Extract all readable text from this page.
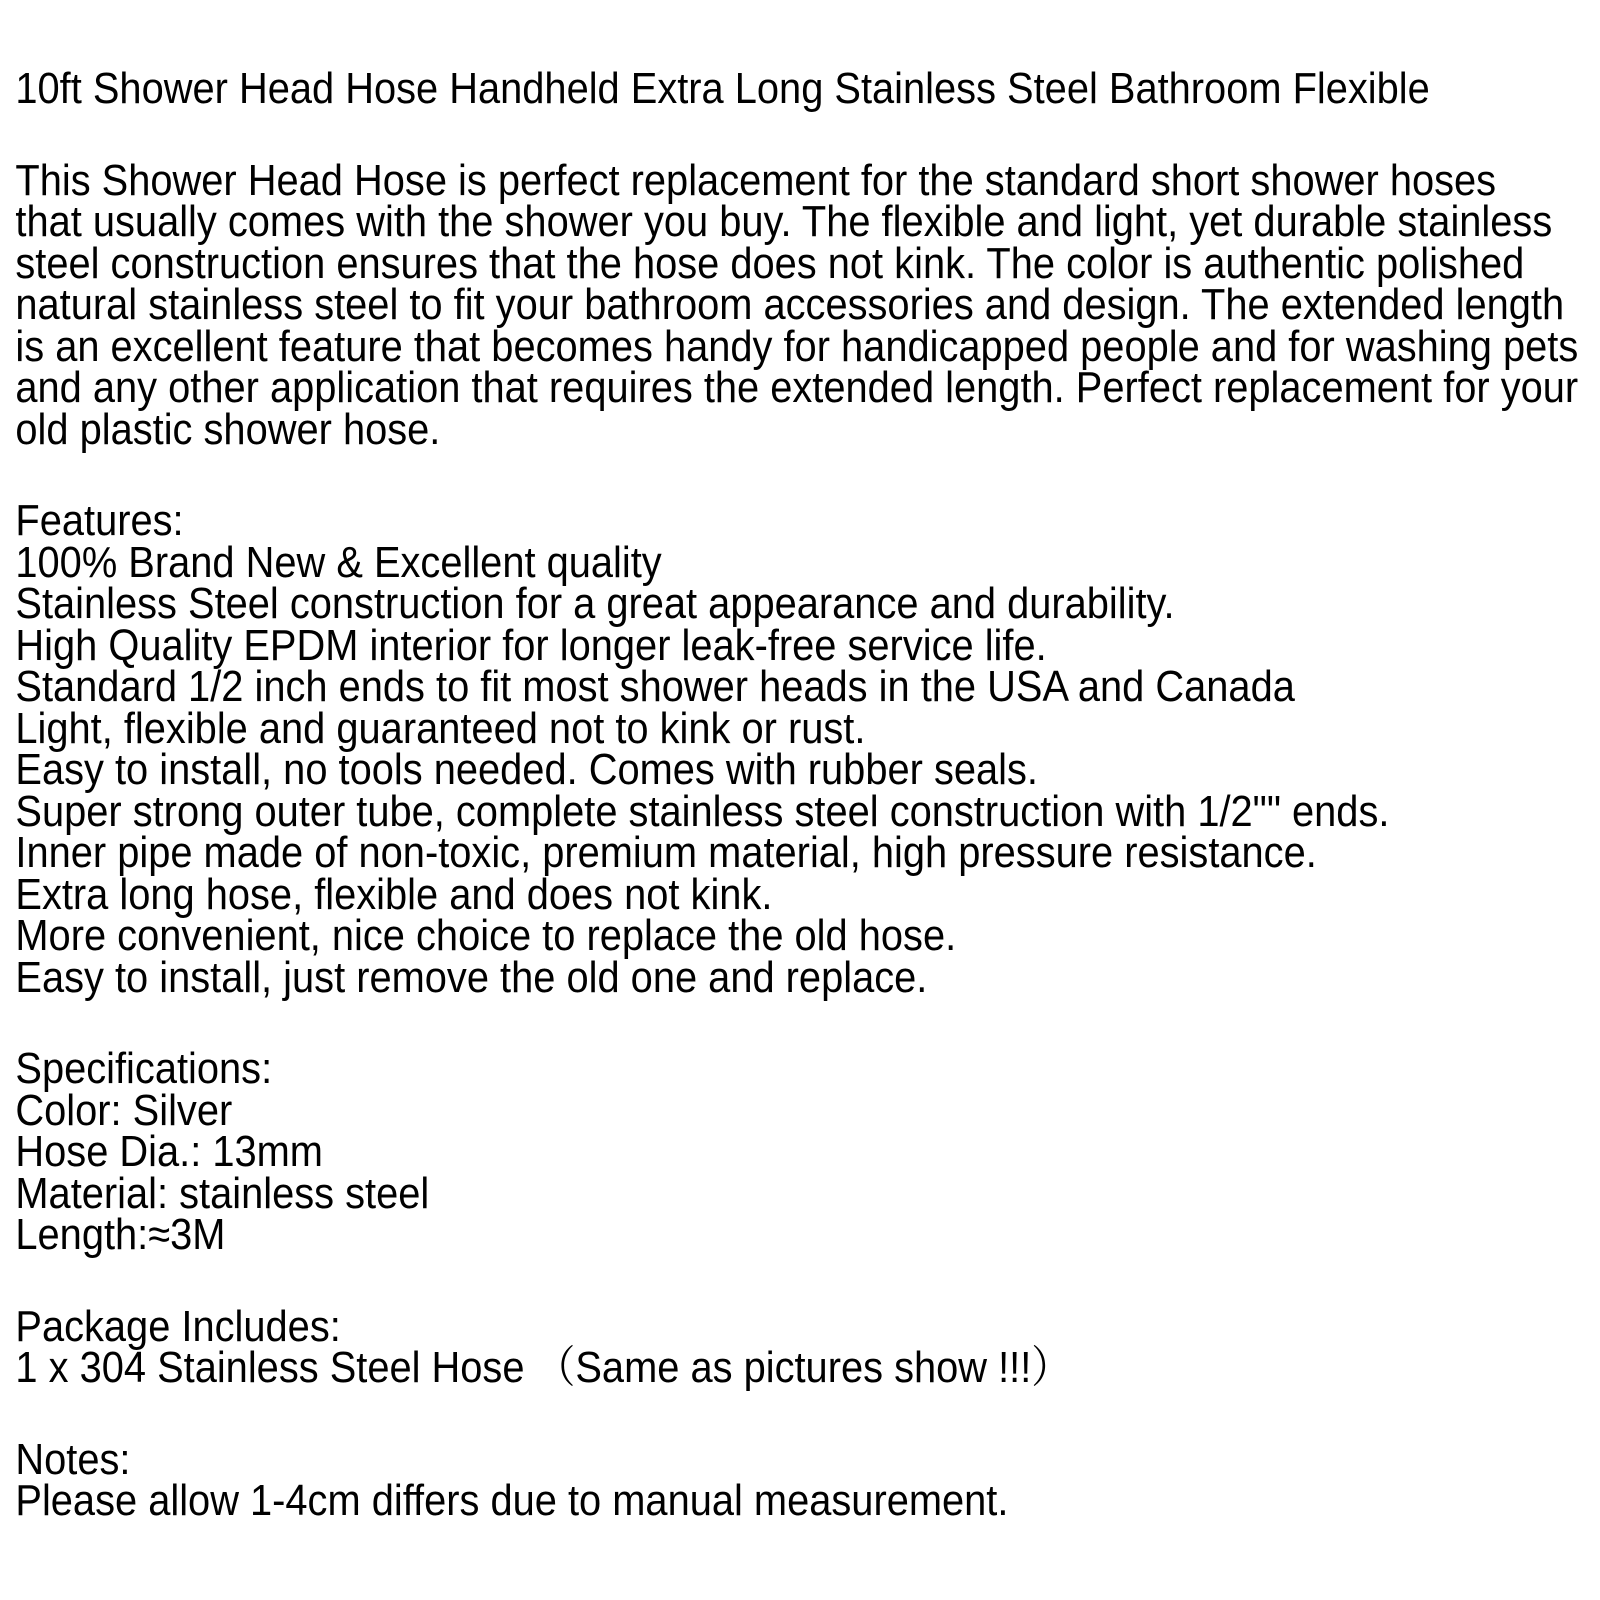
10ft Shower Head Hose Handheld Extra Long Stainless Steel Bathroom Flexible
This Shower Head Hose is perfect replacement for the standard short shower hoses
that usually comes with the shower you buy. The flexible and light, yet durable stainless
steel construction ensures that the hose does not kink. The color is authentic polished
natural stainless steel to fit your bathroom accessories and design. The extended length
is an excellent feature that becomes handy for handicapped people and for washing pets
and any other application that requires the extended length. Perfect replacement for your
old plastic shower hose.
Features:
100% Brand New & Excellent quality
Stainless Steel construction for a great appearance and durability.
High Quality EPDM interior for longer leak-free service life.
Standard 1/2 inch ends to fit most shower heads in the USA and Canada
Light, flexible and guaranteed not to kink or rust.
Easy to install, no tools needed. Comes with rubber seals.
Super strong outer tube, complete stainless steel construction with 1/2"" ends.
Inner pipe made of non-toxic, premium material, high pressure resistance.
Extra long hose, flexible and does not kink.
More convenient, nice choice to replace the old hose.
Easy to install, just remove the old one and replace.
Specifications:
Color: Silver
Hose Dia.: 13mm
Material: stainless steel
Length:≈3M
Package Includes:
1 x 304 Stainless Steel Hose （Same as pictures show !!!）
Notes:
Please allow 1-4cm differs due to manual measurement.
